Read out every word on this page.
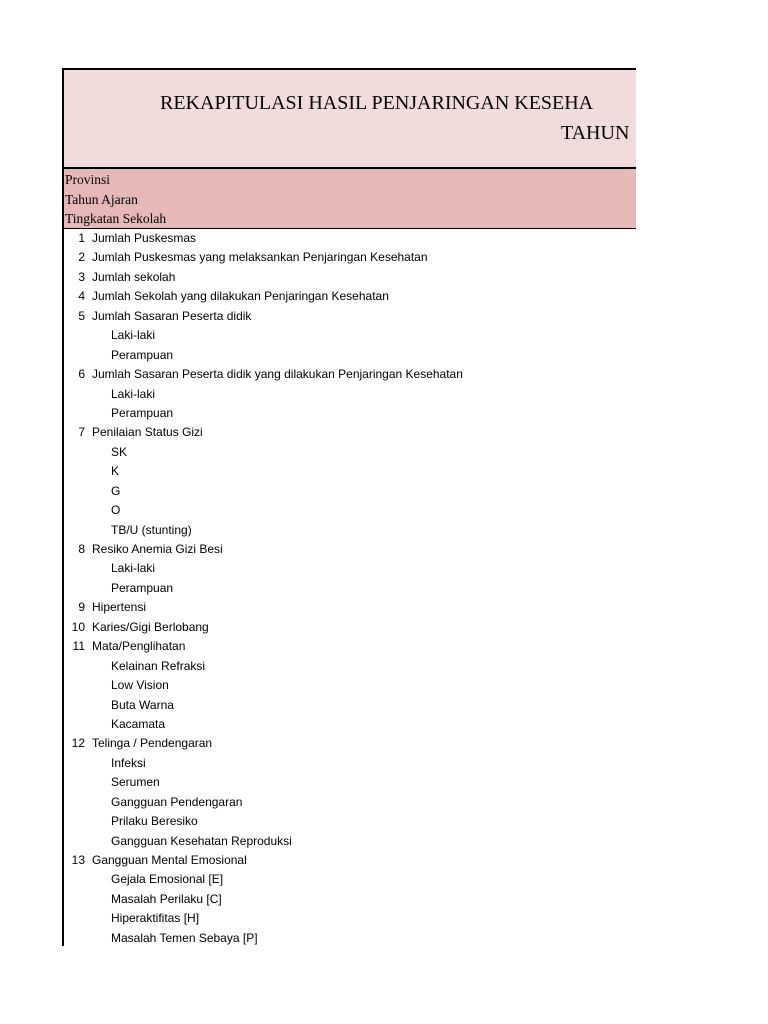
REKAPITULASI HASIL PENJARINGAN KESEHA
TAHUN
Provinsi
Tahun Ajaran
Tingkatan Sekolah
1 Jumlah Puskesmas
2 Jumlah Puskesmas yang melaksankan Penjaringan Kesehatan
3 Jumlah sekolah
4 Jumlah Sekolah yang dilakukan Penjaringan Kesehatan
5 Jumlah Sasaran Peserta didik
Laki-laki
Perampuan
6 Jumlah Sasaran Peserta didik yang dilakukan Penjaringan Kesehatan
Laki-laki
Perampuan
7 Penilaian Status Gizi
SK
K
G
O
TB/U (stunting)
8 Resiko Anemia Gizi Besi
Laki-laki
Perampuan
9 Hipertensi
10 Karies/Gigi Berlobang
11 Mata/Penglihatan
Kelainan Refraksi
Low Vision
Buta Warna
Kacamata
12 Telinga / Pendengaran
Infeksi
Serumen
Gangguan Pendengaran
Prilaku Beresiko
Gangguan Kesehatan Reproduksi
13 Gangguan Mental Emosional
Gejala Emosional [E]
Masalah Perilaku [C]
Hiperaktifitas [H]
Masalah Temen Sebaya [P]
